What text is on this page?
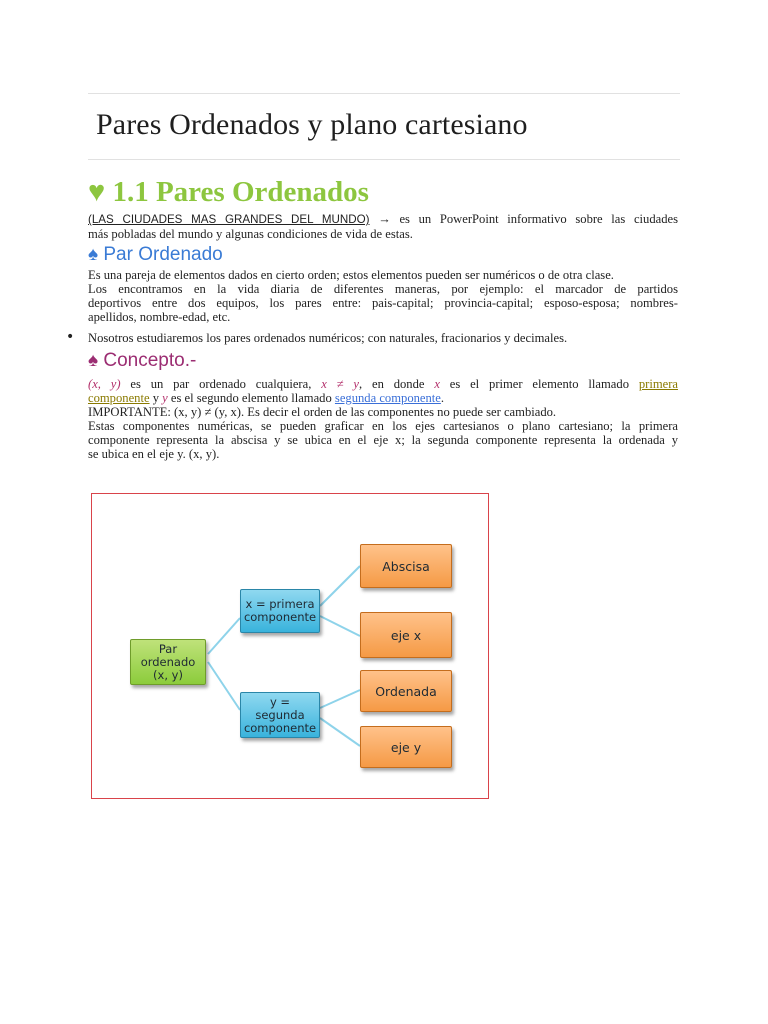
Pares Ordenados y plano cartesiano
♥ 1.1 Pares Ordenados
(LAS CIUDADES MAS GRANDES DEL MUNDO) → es un PowerPoint informativo sobre las ciudades
más pobladas del mundo y algunas condiciones de vida de estas.
♠ Par Ordenado
Es una pareja de elementos dados en cierto orden; estos elementos pueden ser numéricos o de otra clase.
Los encontramos en la vida diaria de diferentes maneras, por ejemplo: el marcador de partidos
deportivos entre dos equipos, los pares entre: pais-capital; provincia-capital; esposo-esposa; nombres-
apellidos, nombre-edad, etc.
• Nosotros estudiaremos los pares ordenados numéricos; con naturales, fracionarios y decimales.
♠ Concepto.-
(x, y) es un par ordenado cualquiera, x ≠ y, en donde x es el primer elemento llamado primera
componente y y es el segundo elemento llamado segunda componente.
IMPORTANTE: (x, y) ≠ (y, x). Es decir el orden de las componentes no puede ser cambiado.
Estas componentes numéricas, se pueden graficar en los ejes cartesianos o plano cartesiano; la primera
componente representa la abscisa y se ubica en el eje x; la segunda componente representa la ordenada y
se ubica en el eje y. (x, y).
Par ordenado (x, y)
x = primera componente
y = segunda componente
Abscisa
eje x
Ordenada
eje y
